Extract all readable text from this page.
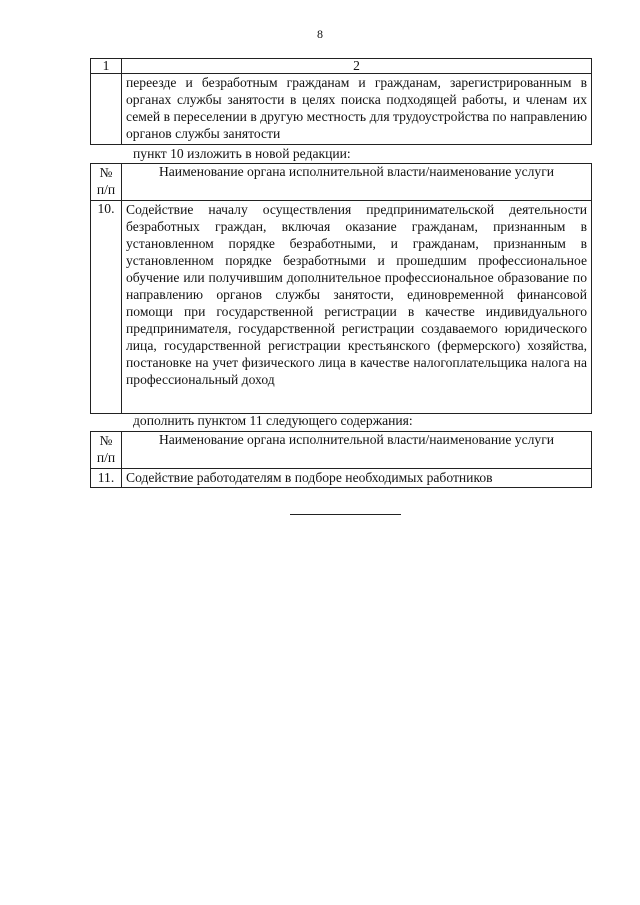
8
1	2
	переезде и безработным гражданам и гражданам, зарегистрированным в органах службы занятости в целях поиска подходящей работы, и членам их семей в переселении в другую местность для трудоустройства по направлению органов службы занятости
пункт 10 изложить в новой редакции:
№ п/п	Наименование органа исполнительной власти/наименование услуги
10.	Содействие началу осуществления предпринимательской деятельности безработных граждан, включая оказание гражданам, признанным в установленном порядке безработными, и гражданам, признанным в установленном порядке безработными и прошедшим профессиональное обучение или получившим дополнительное профессиональное образование по направлению органов службы занятости, единовременной финансовой помощи при государственной регистрации в качестве индивидуального предпринимателя, государственной регистрации создаваемого юридического лица, государственной регистрации крестьянского (фермерского) хозяйства, постановке на учет физического лица в качестве налогоплательщика налога на профессиональный доход
дополнить пунктом 11 следующего содержания:
№ п/п	Наименование органа исполнительной власти/наименование услуги
11.	Содействие работодателям в подборе необходимых работников
